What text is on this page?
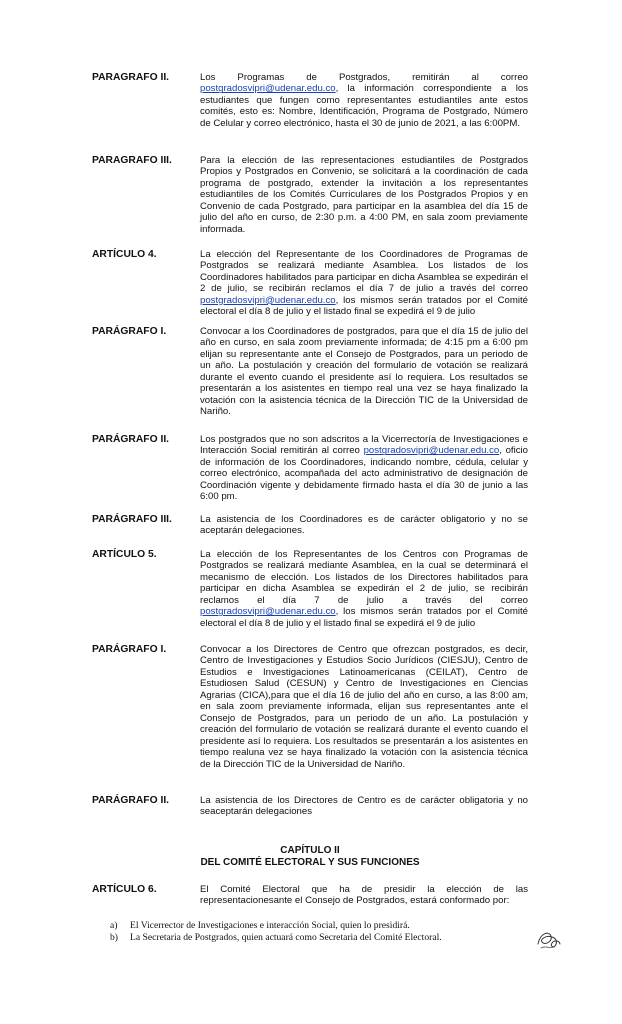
PARAGRAFO II.	Los Programas de Postgrados, remitirán al correo postgradosvipri@udenar.edu.co, la información correspondiente a los estudiantes que fungen como representantes estudiantiles ante estos comités, esto es: Nombre, Identificación, Programa de Postgrado, Número de Celular y correo electrónico, hasta el 30 de junio de 2021, a las 6:00PM.
PARAGRAFO III.	Para la elección de las representaciones estudiantiles de Postgrados Propios y Postgrados en Convenio, se solicitará a la coordinación de cada programa de postgrado, extender la invitación a los representantes estudiantiles de los Comités Curriculares de los Postgrados Propios y en Convenio de cada Postgrado, para participar en la asamblea del día 15 de julio del año en curso, de 2:30 p.m. a 4:00 PM, en sala zoom previamente informada.
ARTÍCULO 4.	La elección del Representante de los Coordinadores de Programas de Postgrados se realizará mediante Asamblea. Los listados de los Coordinadores habilitados para participar en dicha Asamblea se expedirán el 2 de julio, se recibirán reclamos el día 7 de julio a través del correo postgradosvipri@udenar.edu.co, los mismos serán tratados por el Comité electoral el día 8 de julio y el listado final se expedirá el 9 de julio
PARÁGRAFO I.	Convocar a los Coordinadores de postgrados, para que el día 15 de julio del año en curso, en sala zoom previamente informada; de 4:15 pm a 6:00 pm elijan su representante ante el Consejo de Postgrados, para un periodo de un año. La postulación y creación del formulario de votación se realizará durante el evento cuando el presidente así lo requiera. Los resultados se presentarán a los asistentes en tiempo real una vez se haya finalizado la votación con la asistencia técnica de la Dirección TIC de la Universidad de Nariño.
PARÁGRAFO II.	Los postgrados que no son adscritos a la Vicerrectoría de Investigaciones e Interacción Social remitirán al correo postgradosvipri@udenar.edu.co, oficio de información de los Coordinadores, indicando nombre, cédula, celular y correo electrónico, acompañada del acto administrativo de designación de Coordinación vigente y debidamente firmado hasta el día 30 de junio a las 6:00 pm.
PARÁGRAFO III.	La asistencia de los Coordinadores es de carácter obligatorio y no se aceptarán delegaciones.
ARTÍCULO 5.	La elección de los Representantes de los Centros con Programas de Postgrados se realizará mediante Asamblea, en la cual se determinará el mecanismo de elección. Los listados de los Directores habilitados para participar en dicha Asamblea se expedirán el 2 de julio, se recibirán reclamos el día 7 de julio a través del correo postgradosvipri@udenar.edu.co, los mismos serán tratados por el Comité electoral el día 8 de julio y el listado final se expedirá el 9 de julio
PARÁGRAFO I.	Convocar a los Directores de Centro que ofrezcan postgrados, es decir, Centro de Investigaciones y Estudios Socio Jurídicos (CIESJU), Centro de Estudios e Investigaciones Latinoamericanas (CEILAT), Centro de Estudiosen Salud (CESUN) y Centro de Investigaciones en Ciencias Agrarias (CICA),para que el día 16 de julio del año en curso, a las 8:00 am, en sala zoom previamente informada, elijan sus representantes ante el Consejo de Postgrados, para un periodo de un año. La postulación y creación del formulario de votación se realizará durante el evento cuando el presidente así lo requiera. Los resultados se presentarán a los asistentes en tiempo realuna vez se haya finalizado la votación con la asistencia técnica de la Dirección TIC de la Universidad de Nariño.
PARÁGRAFO II.	La asistencia de los Directores de Centro es de carácter obligatoria y no seaceptarán delegaciones
CAPÍTULO II
DEL COMITÉ ELECTORAL Y SUS FUNCIONES
ARTÍCULO 6.	El Comité Electoral que ha de presidir la elección de las representacionesante el Consejo de Postgrados, estará conformado por:
a) El Vicerrector de Investigaciones e interacción Social, quien lo presidirá.
b) La Secretaria de Postgrados, quien actuará como Secretaria del Comité Electoral.
